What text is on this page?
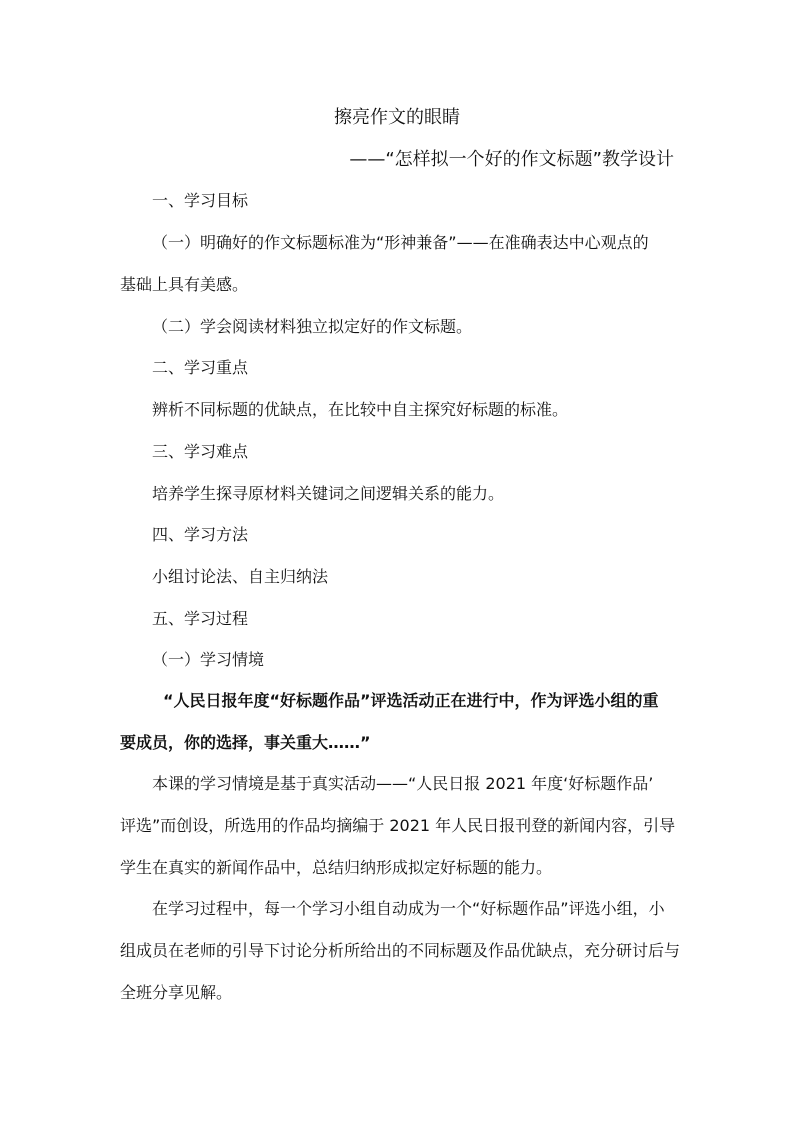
擦亮作文的眼睛
——“怎样拟一个好的作文标题”教学设计
一、学习目标
（一）明确好的作文标题标准为“形神兼备”——在准确表达中心观点的
基础上具有美感。
（二）学会阅读材料独立拟定好的作文标题。
二、学习重点
辨析不同标题的优缺点，在比较中自主探究好标题的标准。
三、学习难点
培养学生探寻原材料关键词之间逻辑关系的能力。
四、学习方法
小组讨论法、自主归纳法
五、学习过程
（一）学习情境
“人民日报年度“好标题作品”评选活动正在进行中，作为评选小组的重
要成员，你的选择，事关重大……”
本课的学习情境是基于真实活动——“人民日报 2021 年度‘好标题作品’
评选”而创设，所选用的作品均摘编于 2021 年人民日报刊登的新闻内容，引导
学生在真实的新闻作品中，总结归纳形成拟定好标题的能力。
在学习过程中，每一个学习小组自动成为一个“好标题作品”评选小组，小
组成员在老师的引导下讨论分析所给出的不同标题及作品优缺点，充分研讨后与
全班分享见解。
